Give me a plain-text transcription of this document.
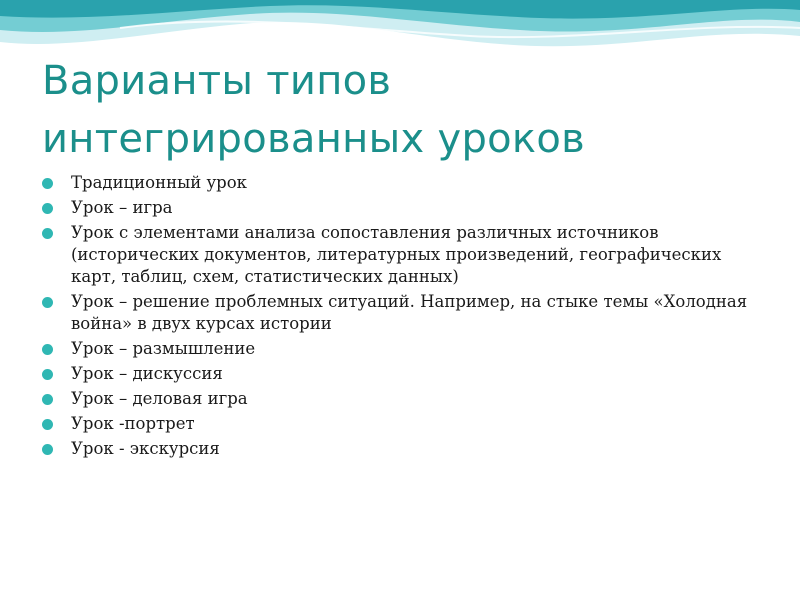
Варианты типов
интегрированных уроков
Традиционный урок
Урок – игра
Урок с элементами анализа сопоставления различных источников (исторических документов, литературных произведений, географических карт, таблиц, схем, статистических данных)
Урок – решение проблемных ситуаций. Например, на стыке темы «Холодная война» в двух курсах истории
Урок – размышление
Урок – дискуссия
Урок – деловая игра
Урок -портрет
Урок - экскурсия
